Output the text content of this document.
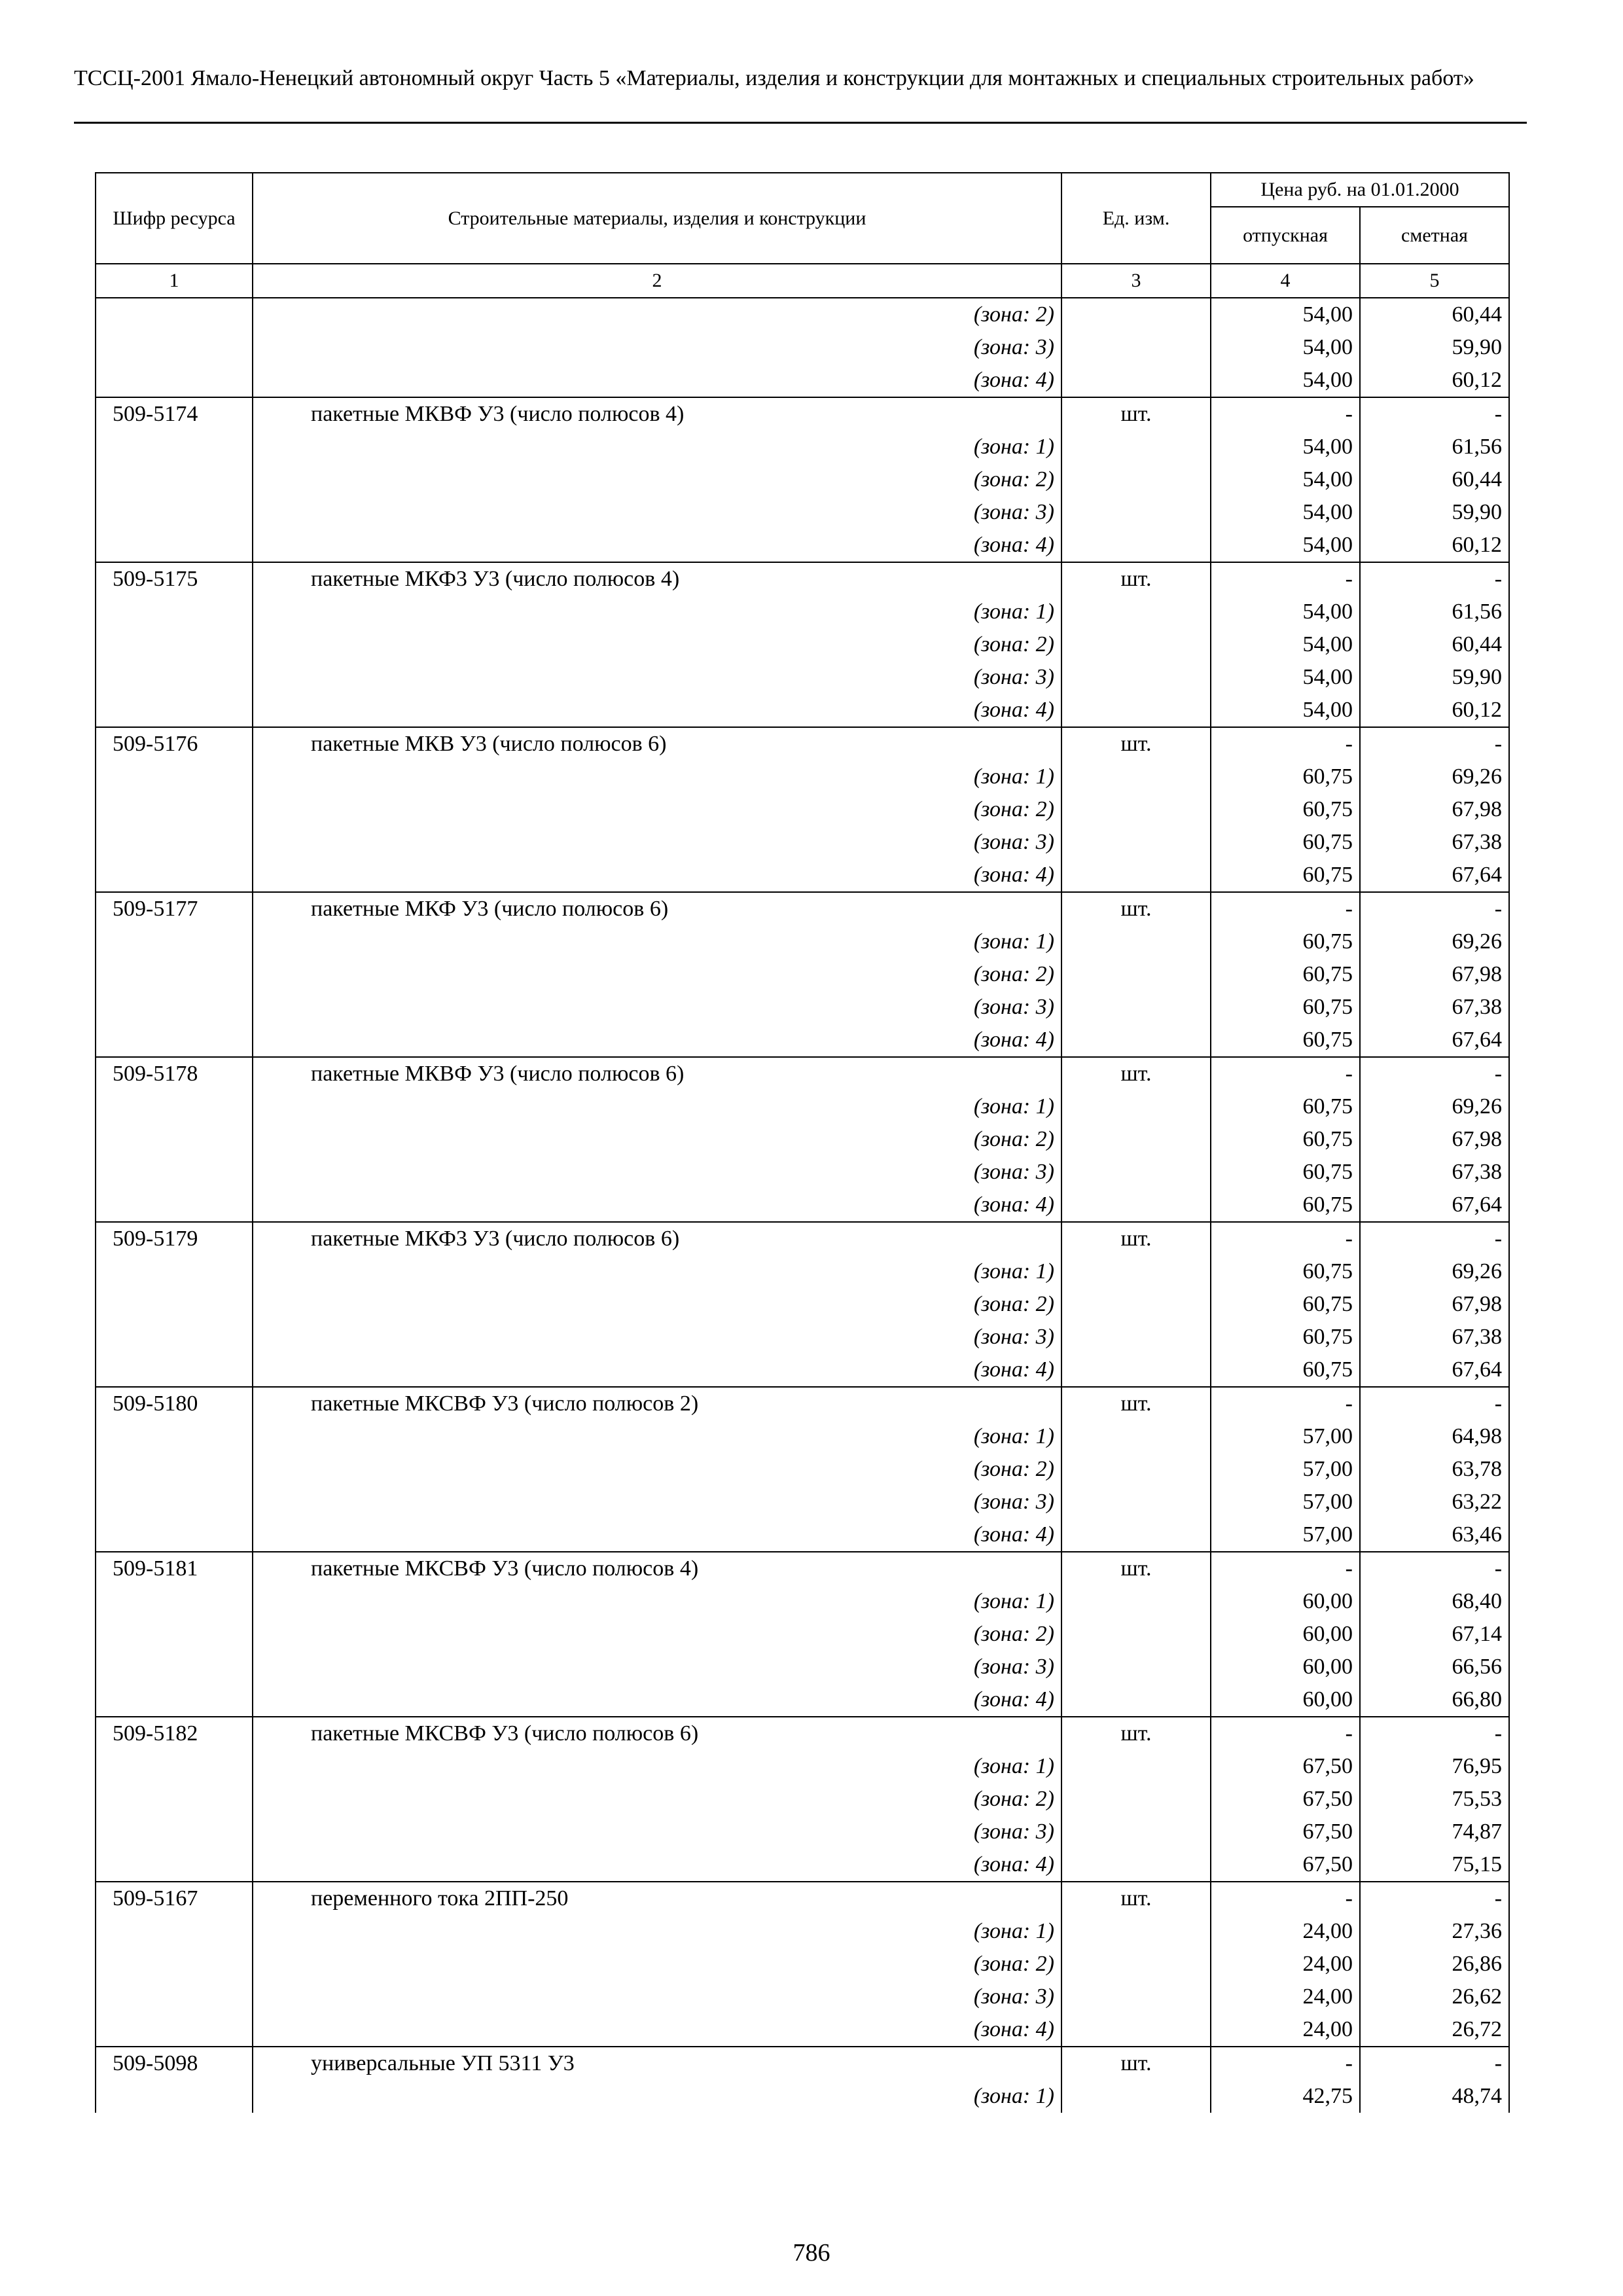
ТССЦ-2001 Ямало-Ненецкий автономный округ Часть 5 «Материалы, изделия и конструкции для монтажных и специальных строительных работ»
Шифр ресурса	Строительные материалы, изделия и конструкции	Ед. изм.	Цена руб. на 01.01.2000	
			отпускная	сметная
1	2	3	4	5
	(зона: 2)		54,00	60,44
	(зона: 3)		54,00	59,90
	(зона: 4)		54,00	60,12
509-5174	пакетные МКВФ У3 (число полюсов 4)	шт.	-	-
	(зона: 1)		54,00	61,56
	(зона: 2)		54,00	60,44
	(зона: 3)		54,00	59,90
	(зона: 4)		54,00	60,12
509-5175	пакетные МКФ3 У3 (число полюсов 4)	шт.	-	-
	(зона: 1)		54,00	61,56
	(зона: 2)		54,00	60,44
	(зона: 3)		54,00	59,90
	(зона: 4)		54,00	60,12
509-5176	пакетные МКВ У3 (число полюсов 6)	шт.	-	-
	(зона: 1)		60,75	69,26
	(зона: 2)		60,75	67,98
	(зона: 3)		60,75	67,38
	(зона: 4)		60,75	67,64
509-5177	пакетные МКФ У3 (число полюсов 6)	шт.	-	-
	(зона: 1)		60,75	69,26
	(зона: 2)		60,75	67,98
	(зона: 3)		60,75	67,38
	(зона: 4)		60,75	67,64
509-5178	пакетные МКВФ У3 (число полюсов 6)	шт.	-	-
	(зона: 1)		60,75	69,26
	(зона: 2)		60,75	67,98
	(зона: 3)		60,75	67,38
	(зона: 4)		60,75	67,64
509-5179	пакетные МКФ3 У3 (число полюсов 6)	шт.	-	-
	(зона: 1)		60,75	69,26
	(зона: 2)		60,75	67,98
	(зона: 3)		60,75	67,38
	(зона: 4)		60,75	67,64
509-5180	пакетные МКСВФ У3 (число полюсов 2)	шт.	-	-
	(зона: 1)		57,00	64,98
	(зона: 2)		57,00	63,78
	(зона: 3)		57,00	63,22
	(зона: 4)		57,00	63,46
509-5181	пакетные МКСВФ У3 (число полюсов 4)	шт.	-	-
	(зона: 1)		60,00	68,40
	(зона: 2)		60,00	67,14
	(зона: 3)		60,00	66,56
	(зона: 4)		60,00	66,80
509-5182	пакетные МКСВФ У3 (число полюсов 6)	шт.	-	-
	(зона: 1)		67,50	76,95
	(зона: 2)		67,50	75,53
	(зона: 3)		67,50	74,87
	(зона: 4)		67,50	75,15
509-5167	переменного тока 2ПП-250	шт.	-	-
	(зона: 1)		24,00	27,36
	(зона: 2)		24,00	26,86
	(зона: 3)		24,00	26,62
	(зона: 4)		24,00	26,72
509-5098	универсальные УП 5311 У3	шт.	-	-
	(зона: 1)		42,75	48,74
786
